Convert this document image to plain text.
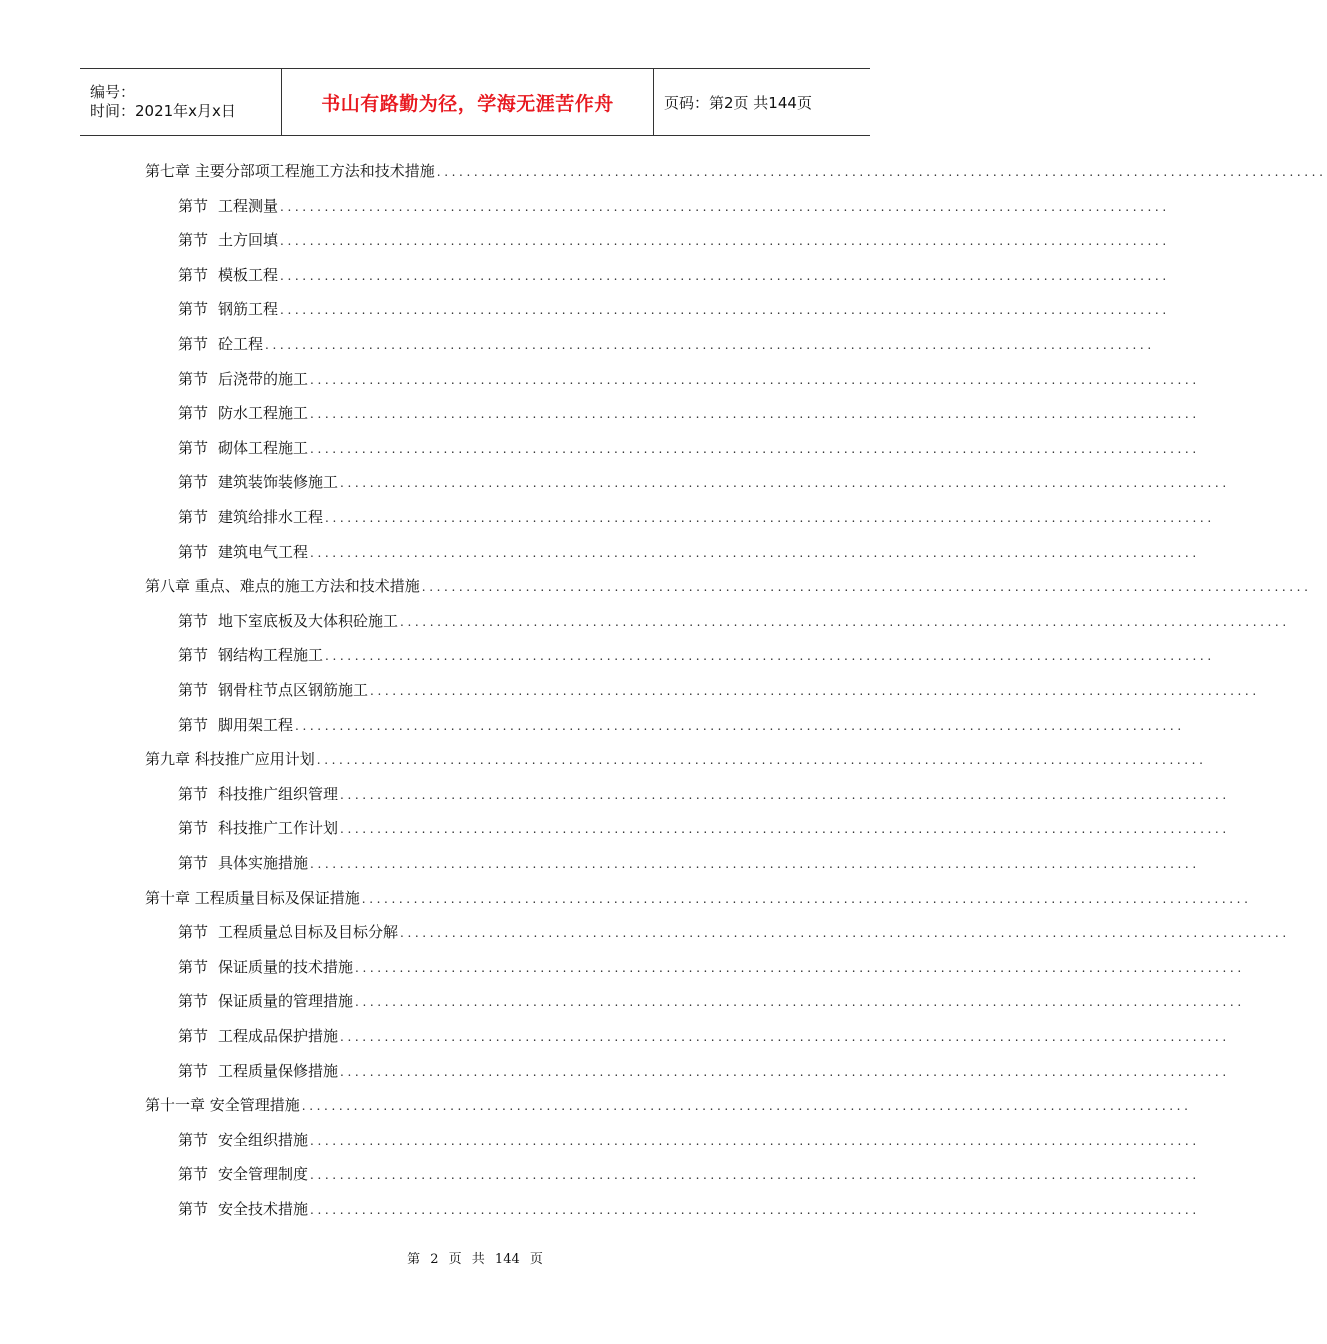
编号：
时间：2021年x月x日	书山有路勤为径，学海无涯苦作舟	页码：第2页 共144页
第七章 主要分部项工程施工方法和技术措施 ........................................................................................................................
第节 工程测量 ........................................................................................................................
第节 土方回填 ........................................................................................................................
第节 模板工程 ........................................................................................................................
第节 钢筋工程 ........................................................................................................................
第节 砼工程 ........................................................................................................................
第节 后浇带的施工 ........................................................................................................................
第节 防水工程施工 ........................................................................................................................
第节 砌体工程施工 ........................................................................................................................
第节 建筑装饰装修施工 ........................................................................................................................
第节 建筑给排水工程 ........................................................................................................................
第节 建筑电气工程 ........................................................................................................................
第八章 重点、难点的施工方法和技术措施 ........................................................................................................................
第节 地下室底板及大体积砼施工 ........................................................................................................................
第节 钢结构工程施工 ........................................................................................................................
第节 钢骨柱节点区钢筋施工 ........................................................................................................................
第节 脚用架工程 ........................................................................................................................
第九章 科技推广应用计划 ........................................................................................................................
第节 科技推广组织管理 ........................................................................................................................
第节 科技推广工作计划 ........................................................................................................................
第节 具体实施措施 ........................................................................................................................
第十章 工程质量目标及保证措施 ........................................................................................................................
第节 工程质量总目标及目标分解 ........................................................................................................................
第节 保证质量的技术措施 ........................................................................................................................
第节 保证质量的管理措施 ........................................................................................................................
第节 工程成品保护措施 ........................................................................................................................
第节 工程质量保修措施 ........................................................................................................................
第十一章 安全管理措施 ........................................................................................................................
第节 安全组织措施 ........................................................................................................................
第节 安全管理制度 ........................................................................................................................
第节 安全技术措施 ........................................................................................................................
第 2 页 共 144 页
